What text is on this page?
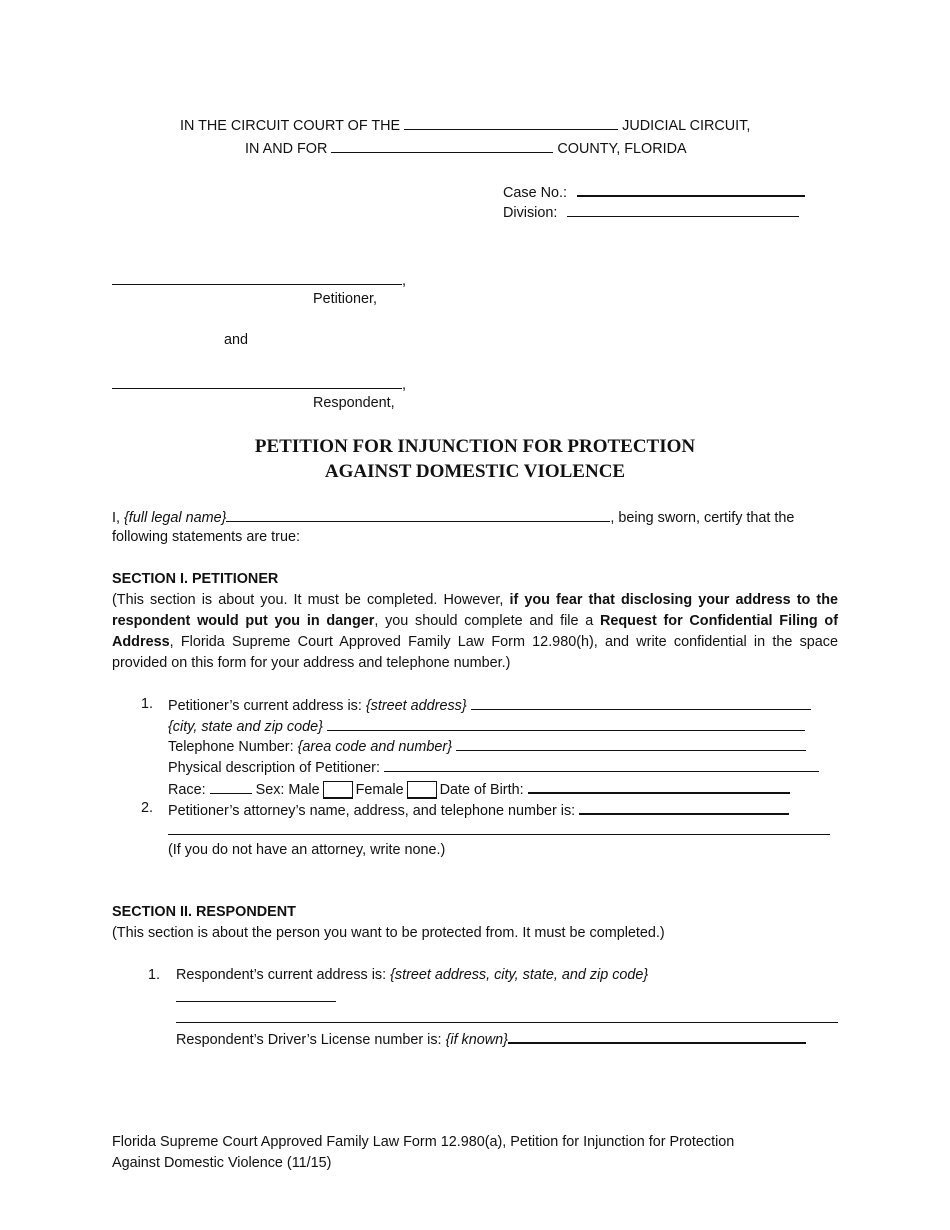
IN THE CIRCUIT COURT OF THE	JUDICIAL CIRCUIT,
IN AND FOR	COUNTY, FLORIDA
Case No.:
Division:
,
Petitioner,
and
,
Respondent,
PETITION FOR INJUNCTION FOR PROTECTION
AGAINST DOMESTIC VIOLENCE
I, {full legal name}	, being sworn, certify that the
following statements are true:
SECTION I. PETITIONER
(This section is about you. It must be completed. However, if you fear that disclosing your address to the respondent would put you in danger, you should complete and file a Request for Confidential Filing of Address, Florida Supreme Court Approved Family Law Form 12.980(h), and write confidential in the space provided on this form for your address and telephone number.)
1. Petitioner’s current address is: {street address}
{city, state and zip code}
Telephone Number: {area code and number}
Physical description of Petitioner:
Race:	Sex: Male	Female	Date of Birth:
2. Petitioner’s attorney’s name, address, and telephone number is:
(If you do not have an attorney, write none.)
SECTION II. RESPONDENT
(This section is about the person you want to be protected from. It must be completed.)
1. Respondent’s current address is: {street address, city, state, and zip code}
Respondent’s Driver’s License number is: {if known}
Florida Supreme Court Approved Family Law Form 12.980(a), Petition for Injunction for Protection
Against Domestic Violence (11/15)
